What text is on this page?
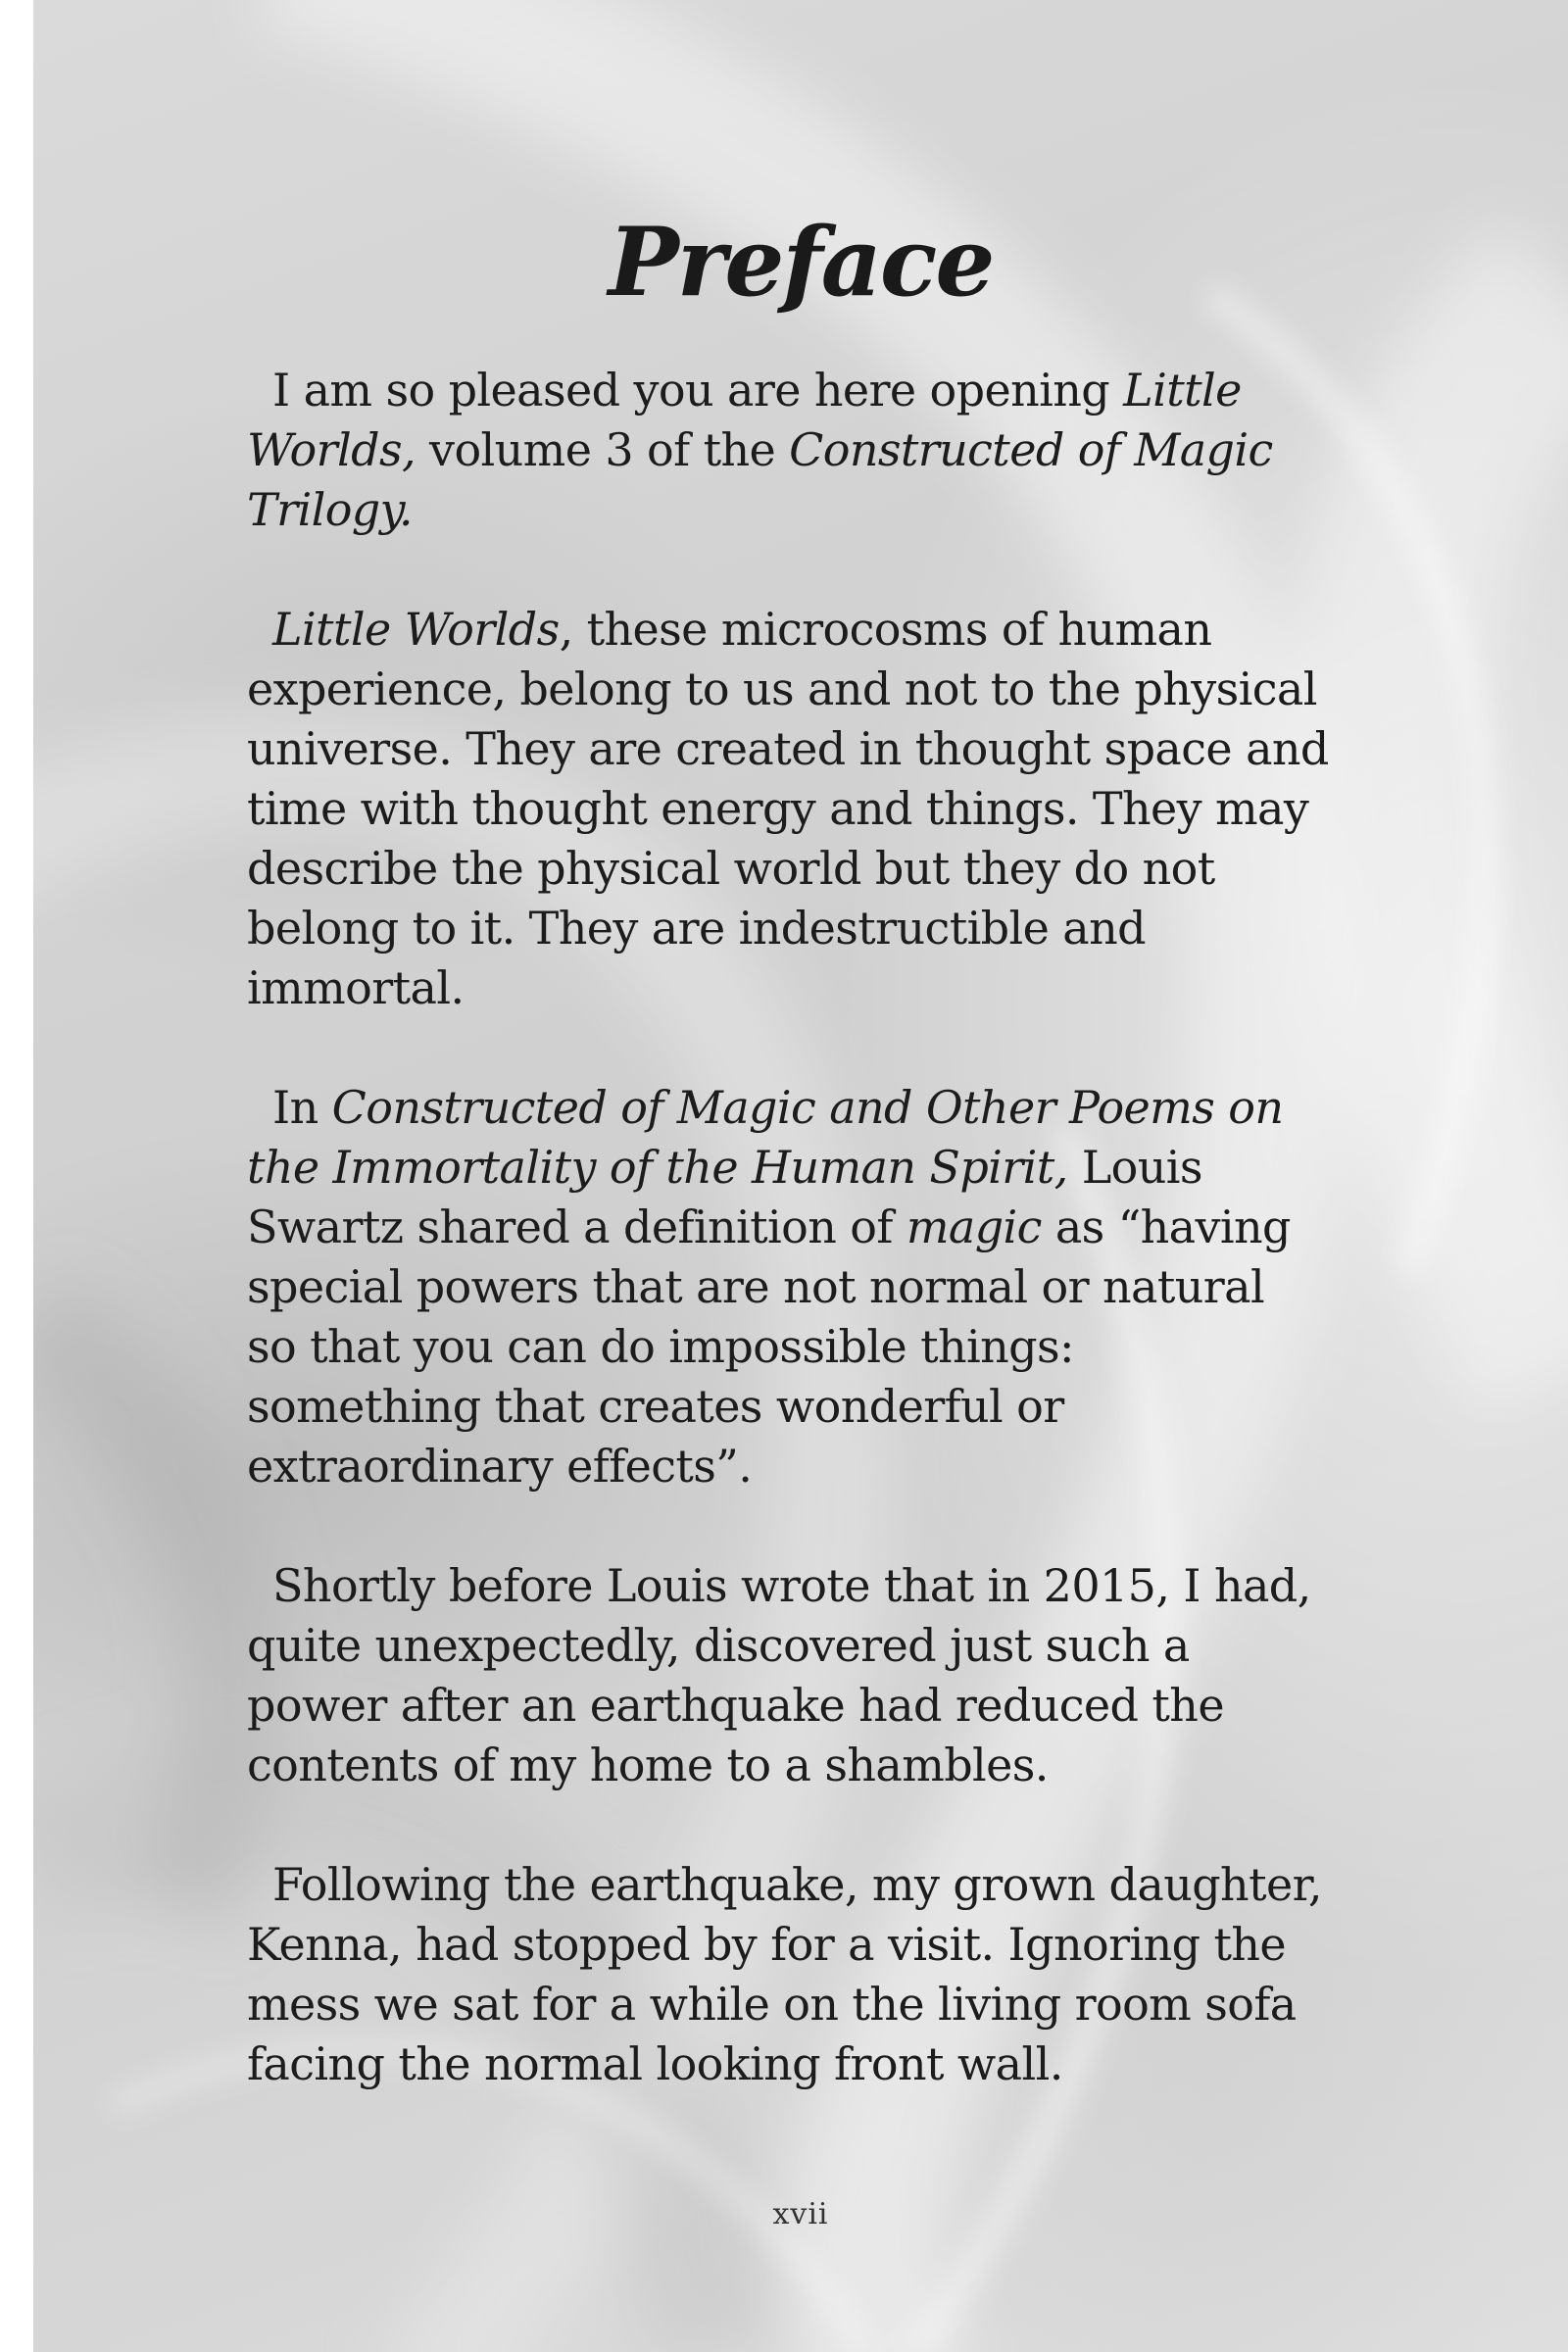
Preface

I am so pleased you are here opening Little
Worlds, volume 3 of the Constructed of Magic
Trilogy.

Little Worlds, these microcosms of human
experience, belong to us and not to the physical
universe. They are created in thought space and
time with thought energy and things. They may
describe the physical world but they do not
belong to it. They are indestructible and
immortal.

In Constructed of Magic and Other Poems on
the Immortality of the Human Spirit, Louis
Swartz shared a definition of magic as “having
special powers that are not normal or natural
so that you can do impossible things:
something that creates wonderful or
extraordinary effects”.

Shortly before Louis wrote that in 2015, I had,
quite unexpectedly, discovered just such a
power after an earthquake had reduced the
contents of my home to a shambles.

Following the earthquake, my grown daughter,
Kenna, had stopped by for a visit. Ignoring the
mess we sat for a while on the living room sofa
facing the normal looking front wall.

xvii
